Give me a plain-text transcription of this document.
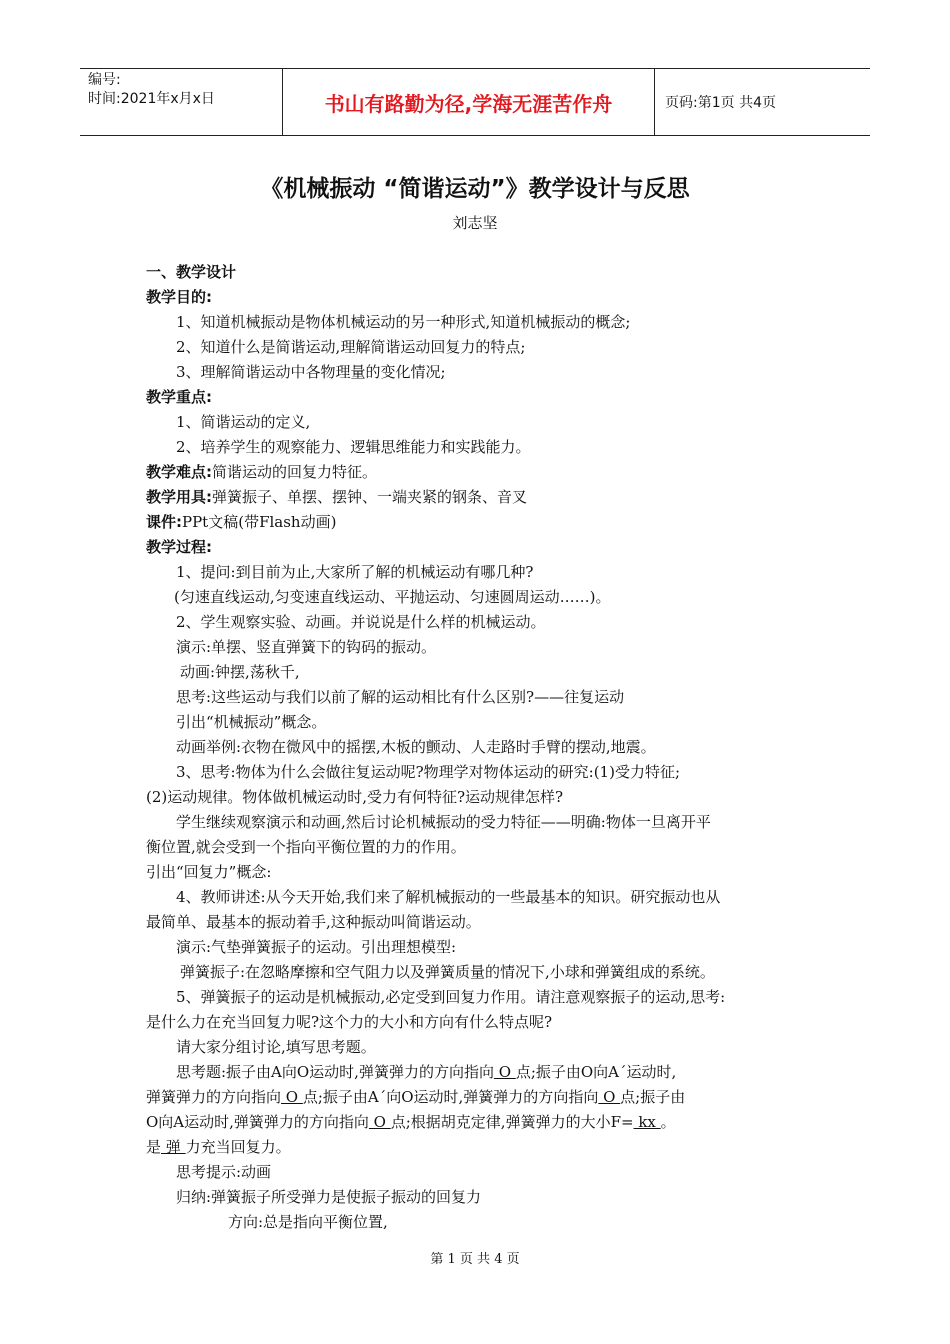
编号:
时间:2021年x月x日	书山有路勤为径,学海无涯苦作舟	页码:第1页 共4页
《机械振动 “简谐运动”》教学设计与反思
刘志坚
一、教学设计
教学目的:
1、知道机械振动是物体机械运动的另一种形式,知道机械振动的概念;
2、知道什么是简谐运动,理解简谐运动回复力的特点;
3、理解简谐运动中各物理量的变化情况;
教学重点:
1、简谐运动的定义,
2、培养学生的观察能力、逻辑思维能力和实践能力。
教学难点:简谐运动的回复力特征。
教学用具:弹簧振子、单摆、摆钟、一端夹紧的钢条、音叉
课件:PPt文稿(带Flash动画)
教学过程:
1、提问:到目前为止,大家所了解的机械运动有哪几种?
(匀速直线运动,匀变速直线运动、平抛运动、匀速圆周运动……)。
2、学生观察实验、动画。并说说是什么样的机械运动。
演示:单摆、竖直弹簧下的钩码的振动。
动画:钟摆,荡秋千,
思考:这些运动与我们以前了解的运动相比有什么区别?——往复运动
引出“机械振动”概念。
动画举例:衣物在微风中的摇摆,木板的颤动、人走路时手臂的摆动,地震。
3、思考:物体为什么会做往复运动呢?物理学对物体运动的研究:(1)受力特征;
(2)运动规律。物体做机械运动时,受力有何特征?运动规律怎样?
学生继续观察演示和动画,然后讨论机械振动的受力特征——明确:物体一旦离开平
衡位置,就会受到一个指向平衡位置的力的作用。
引出“回复力”概念:
4、教师讲述:从今天开始,我们来了解机械振动的一些最基本的知识。研究振动也从
最简单、最基本的振动着手,这种振动叫简谐运动。
演示:气垫弹簧振子的运动。引出理想模型:
弹簧振子:在忽略摩擦和空气阻力以及弹簧质量的情况下,小球和弹簧组成的系统。
5、弹簧振子的运动是机械振动,必定受到回复力作用。请注意观察振子的运动,思考:
是什么力在充当回复力呢?这个力的大小和方向有什么特点呢?
请大家分组讨论,填写思考题。
思考题:振子由A向O运动时,弹簧弹力的方向指向 O 点;振子由O向A´运动时,
弹簧弹力的方向指向 O 点;振子由A´向O运动时,弹簧弹力的方向指向 O 点;振子由
O向A运动时,弹簧弹力的方向指向 O 点;根据胡克定律,弹簧弹力的大小F= kx 。
是 弹 力充当回复力。
思考提示:动画
归纳:弹簧振子所受弹力是使振子振动的回复力
方向:总是指向平衡位置,
第 1 页 共 4 页
